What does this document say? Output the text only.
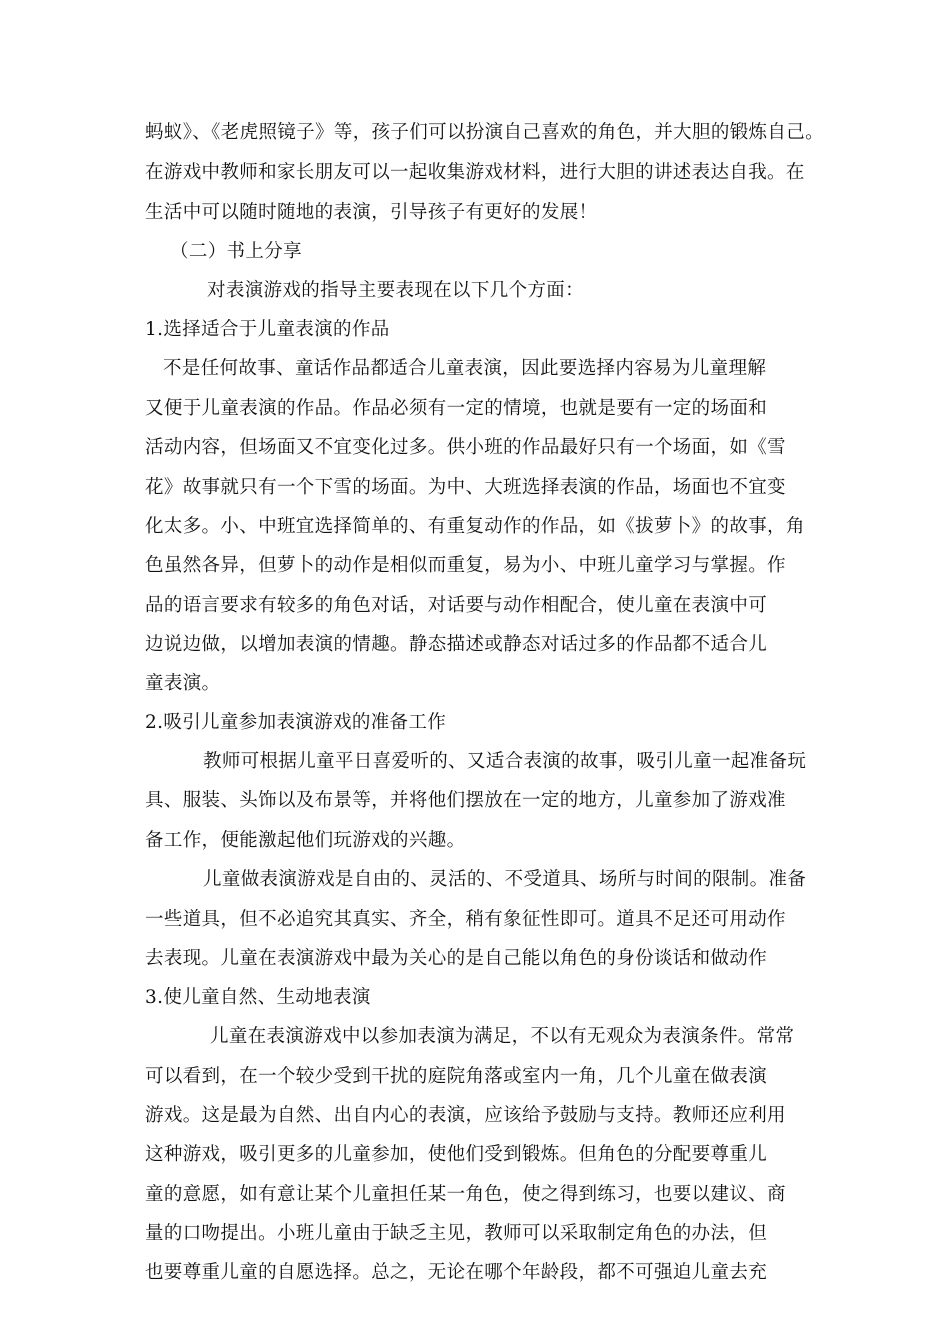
蚂蚁》、《老虎照镜子》等，孩子们可以扮演自己喜欢的角色，并大胆的锻炼自己。
在游戏中教师和家长朋友可以一起收集游戏材料，进行大胆的讲述表达自我。在
生活中可以随时随地的表演，引导孩子有更好的发展！
（二）书上分享
对表演游戏的指导主要表现在以下几个方面：
1.选择适合于儿童表演的作品
不是任何故事、童话作品都适合儿童表演，因此要选择内容易为儿童理解
又便于儿童表演的作品。作品必须有一定的情境，也就是要有一定的场面和
活动内容，但场面又不宜变化过多。供小班的作品最好只有一个场面，如《雪
花》故事就只有一个下雪的场面。为中、大班选择表演的作品，场面也不宜变
化太多。小、中班宜选择简单的、有重复动作的作品，如《拔萝卜》的故事，角
色虽然各异，但萝卜的动作是相似而重复，易为小、中班儿童学习与掌握。作
品的语言要求有较多的角色对话，对话要与动作相配合，使儿童在表演中可
边说边做，以增加表演的情趣。静态描述或静态对话过多的作品都不适合儿
童表演。
2.吸引儿童参加表演游戏的准备工作
教师可根据儿童平日喜爱听的、又适合表演的故事，吸引儿童一起准备玩
具、服装、头饰以及布景等，并将他们摆放在一定的地方，儿童参加了游戏准
备工作，便能激起他们玩游戏的兴趣。
儿童做表演游戏是自由的、灵活的、不受道具、场所与时间的限制。准备
一些道具，但不必追究其真实、齐全，稍有象征性即可。道具不足还可用动作
去表现。儿童在表演游戏中最为关心的是自己能以角色的身份谈话和做动作
3.使儿童自然、生动地表演
儿童在表演游戏中以参加表演为满足，不以有无观众为表演条件。常常
可以看到，在一个较少受到干扰的庭院角落或室内一角，几个儿童在做表演
游戏。这是最为自然、出自内心的表演，应该给予鼓励与支持。教师还应利用
这种游戏，吸引更多的儿童参加，使他们受到锻炼。但角色的分配要尊重儿
童的意愿，如有意让某个儿童担任某一角色，使之得到练习，也要以建议、商
量的口吻提出。小班儿童由于缺乏主见，教师可以采取制定角色的办法，但
也要尊重儿童的自愿选择。总之，无论在哪个年龄段，都不可强迫儿童去充
